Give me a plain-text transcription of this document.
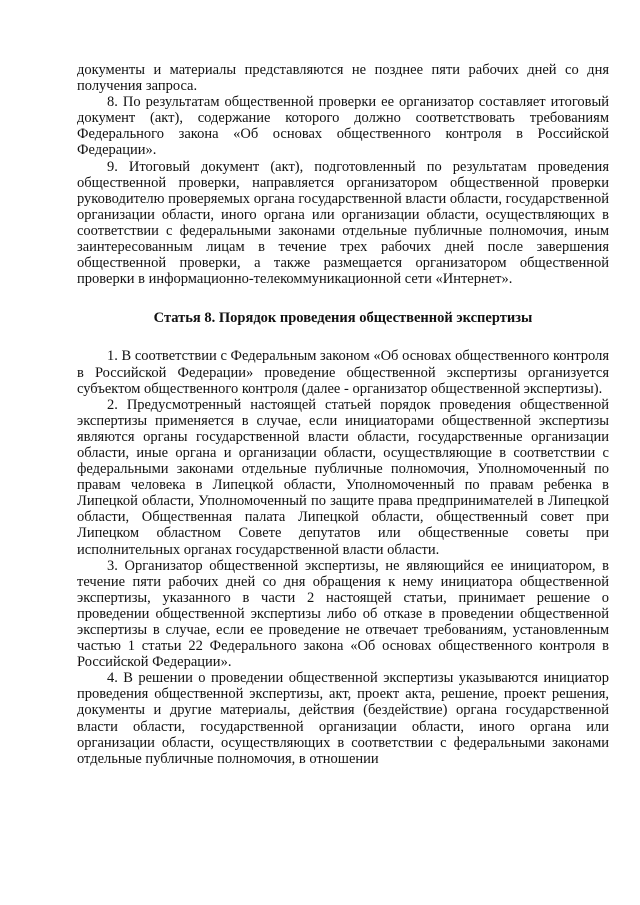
документы и материалы представляются не позднее пяти рабочих дней со дня получения запроса.

8. По результатам общественной проверки ее организатор составляет итоговый документ (акт), содержание которого должно соответствовать требованиям Федерального закона «Об основах общественного контроля в Российской Федерации».

9. Итоговый документ (акт), подготовленный по результатам проведения общественной проверки, направляется организатором общественной проверки руководителю проверяемых органа государственной власти области, государственной организации области, иного органа или организации области, осуществляющих в соответствии с федеральными законами отдельные публичные полномочия, иным заинтересованным лицам в течение трех рабочих дней после завершения общественной проверки, а также размещается организатором общественной проверки в информационно-телекоммуникационной сети «Интернет».

Статья 8. Порядок проведения общественной экспертизы

1. В соответствии с Федеральным законом «Об основах общественного контроля в Российской Федерации» проведение общественной экспертизы организуется субъектом общественного контроля (далее - организатор общественной экспертизы).

2. Предусмотренный настоящей статьей порядок проведения общественной экспертизы применяется в случае, если инициаторами общественной экспертизы являются органы государственной власти области, государственные организации области, иные органа и организации области, осуществляющие в соответствии с федеральными законами отдельные публичные полномочия, Уполномоченный по правам человека в Липецкой области, Уполномоченный по правам ребенка в Липецкой области, Уполномоченный по защите права предпринимателей в Липецкой области, Общественная палата Липецкой области, общественный совет при Липецком областном Совете депутатов или общественные советы при исполнительных органах государственной власти области.

3. Организатор общественной экспертизы, не являющийся ее инициатором, в течение пяти рабочих дней со дня обращения к нему инициатора общественной экспертизы, указанного в части 2 настоящей статьи, принимает решение о проведении общественной экспертизы либо об отказе в проведении общественной экспертизы в случае, если ее проведение не отвечает требованиям, установленным частью 1 статьи 22 Федерального закона «Об основах общественного контроля в Российской Федерации».

4. В решении о проведении общественной экспертизы указываются инициатор проведения общественной экспертизы, акт, проект акта, решение, проект решения, документы и другие материалы, действия (бездействие) органа государственной власти области, государственной организации области, иного органа или организации области, осуществляющих в соответствии с федеральными законами отдельные публичные полномочия, в отношении
